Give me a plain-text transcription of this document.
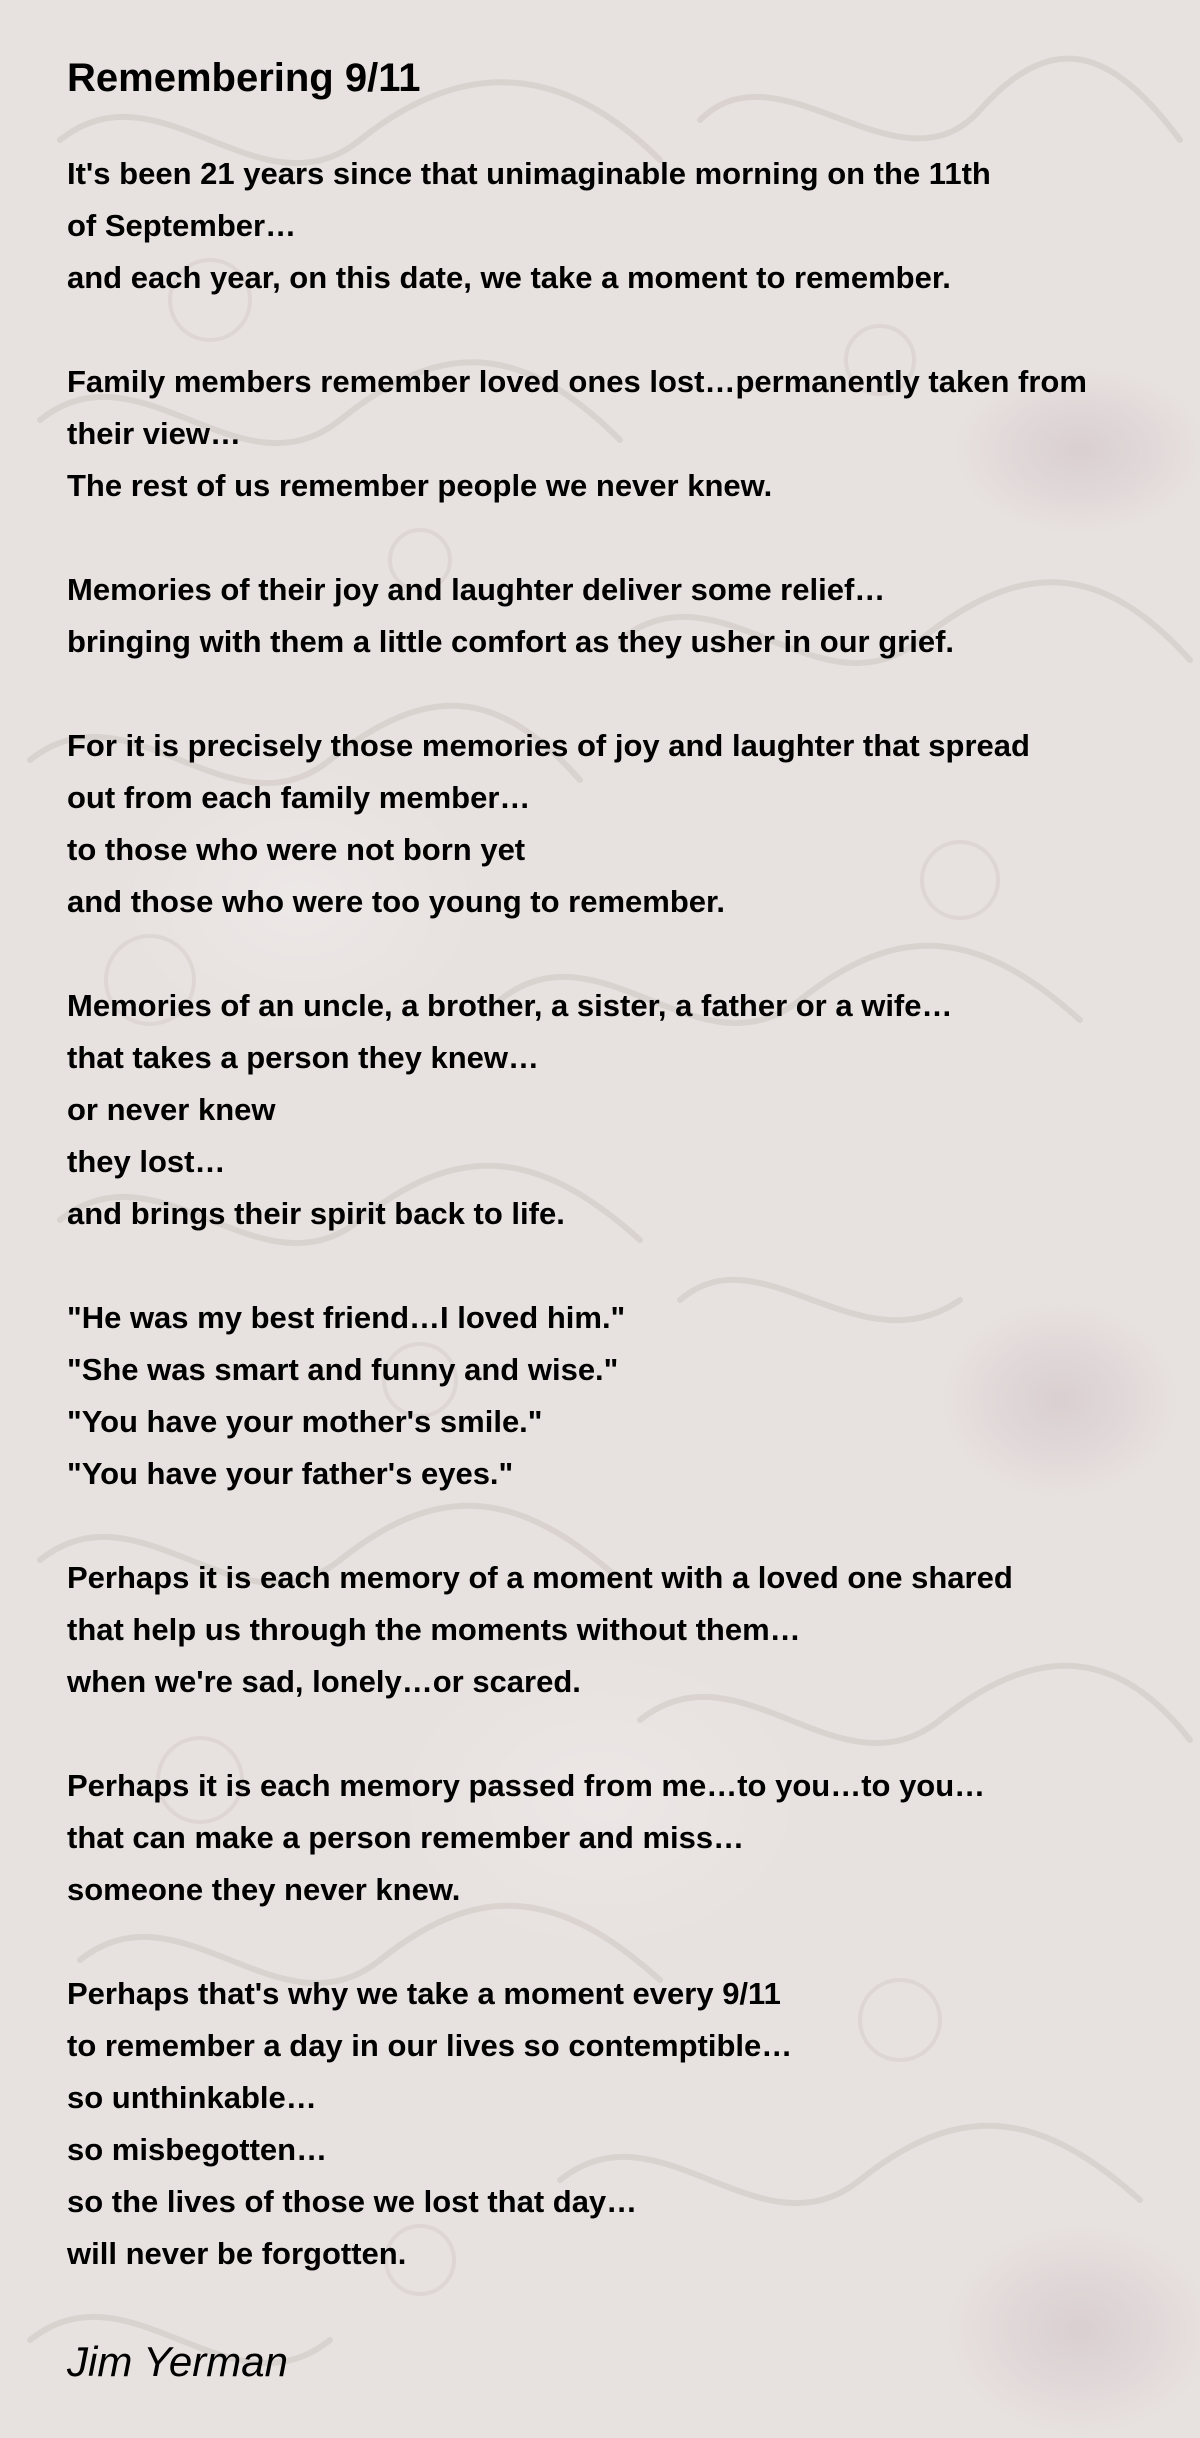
Remembering 9/11
It's been 21 years since that unimaginable morning on the 11th
of September…
and each year, on this date, we take a moment to remember.
Family members remember loved ones lost…permanently taken from
their view…
The rest of us remember people we never knew.
Memories of their joy and laughter deliver some relief…
bringing with them a little comfort as they usher in our grief.
For it is precisely those memories of joy and laughter that spread
out from each family member…
to those who were not born yet
and those who were too young to remember.
Memories of an uncle, a brother, a sister, a father or a wife…
that takes a person they knew…
or never knew
they lost…
and brings their spirit back to life.
"He was my best friend…I loved him."
"She was smart and funny and wise."
"You have your mother's smile."
"You have your father's eyes."
Perhaps it is each memory of a moment with a loved one shared
that help us through the moments without them…
when we're sad, lonely…or scared.
Perhaps it is each memory passed from me…to you…to you…
that can make a person remember and miss…
someone they never knew.
Perhaps that's why we take a moment every 9/11
to remember a day in our lives so contemptible…
so unthinkable…
so misbegotten…
so the lives of those we lost that day…
will never be forgotten.
Jim Yerman
